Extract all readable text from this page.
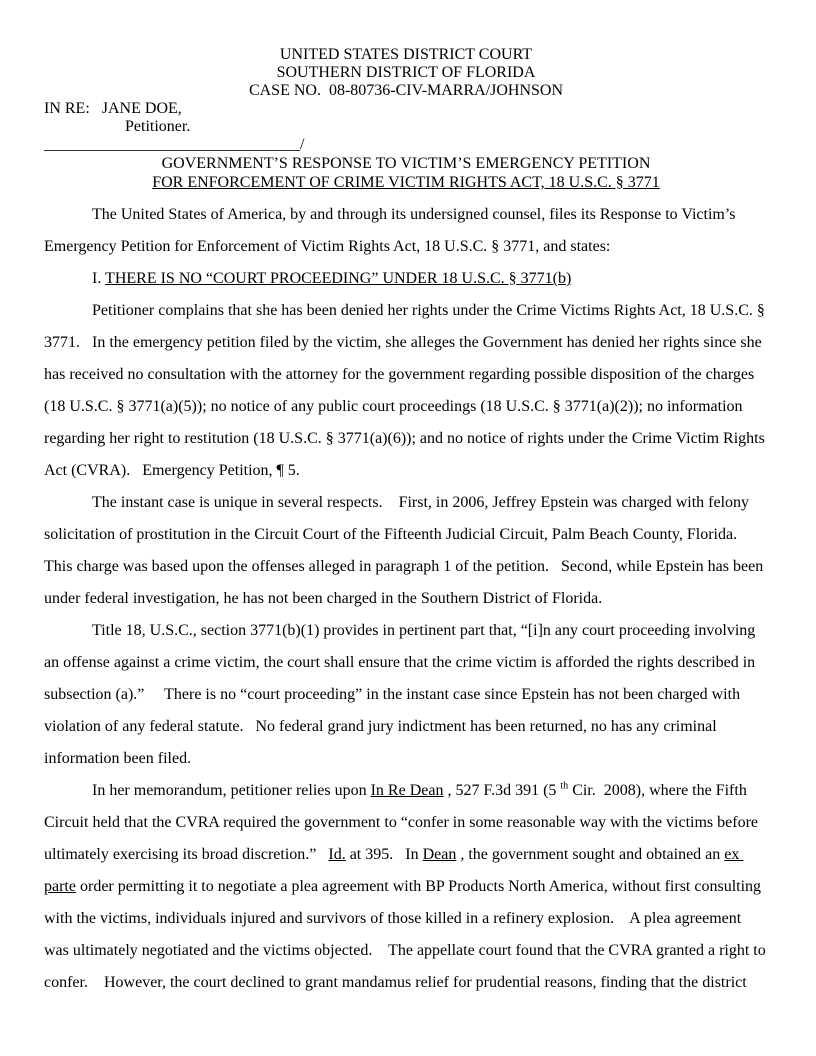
UNITED STATES DISTRICT COURT
SOUTHERN DISTRICT OF FLORIDA
CASE NO.  08-80736-CIV-MARRA/JOHNSON
IN RE:   JANE DOE,
Petitioner.
________________________________/
GOVERNMENT’S RESPONSE TO VICTIM’S EMERGENCY PETITION
FOR ENFORCEMENT OF CRIME VICTIM RIGHTS ACT, 18 U.S.C. § 3771

The United States of America, by and through its undersigned counsel, files its Response to Victim’s Emergency Petition for Enforcement of Victim Rights Act, 18 U.S.C. § 3771, and states:

I. THERE IS NO “COURT PROCEEDING” UNDER 18 U.S.C. § 3771(b)

Petitioner complains that she has been denied her rights under the Crime Victims Rights Act, 18 U.S.C. § 3771.   In the emergency petition filed by the victim, she alleges the Government has denied her rights since she has received no consultation with the attorney for the government regarding possible disposition of the charges (18 U.S.C. § 3771(a)(5)); no notice of any public court proceedings (18 U.S.C. § 3771(a)(2)); no information regarding her right to restitution (18 U.S.C. § 3771(a)(6)); and no notice of rights under the Crime Victim Rights Act (CVRA).   Emergency Petition, ¶ 5.

The instant case is unique in several respects.    First, in 2006, Jeffrey Epstein was charged with felony solicitation of prostitution in the Circuit Court of the Fifteenth Judicial Circuit, Palm Beach County, Florida.    This charge was based upon the offenses alleged in paragraph 1 of the petition.   Second, while Epstein has been under federal investigation, he has not been charged in the Southern District of Florida.

Title 18, U.S.C., section 3771(b)(1) provides in pertinent part that, “[i]n any court proceeding involving an offense against a crime victim, the court shall ensure that the crime victim is afforded the rights described in subsection (a).”     There is no “court proceeding” in the instant case since Epstein has not been charged with violation of any federal statute.   No federal grand jury indictment has been returned, no has any criminal information been filed.

In her memorandum, petitioner relies upon In Re Dean , 527 F.3d 391 (5 $^{th}$ Cir.  2008), where the Fifth Circuit held that the CVRA required the government to “confer in some reasonable way with the victims before ultimately exercising its broad discretion.”   Id. at 395.   In Dean , the government sought and obtained an ex parte order permitting it to negotiate a plea agreement with BP Products North America, without first consulting with the victims, individuals injured and survivors of those killed in a refinery explosion.    A plea agreement was ultimately negotiated and the victims objected.    The appellate court found that the CVRA granted a right to confer.    However, the court declined to grant mandamus relief for prudential reasons, finding that the district
